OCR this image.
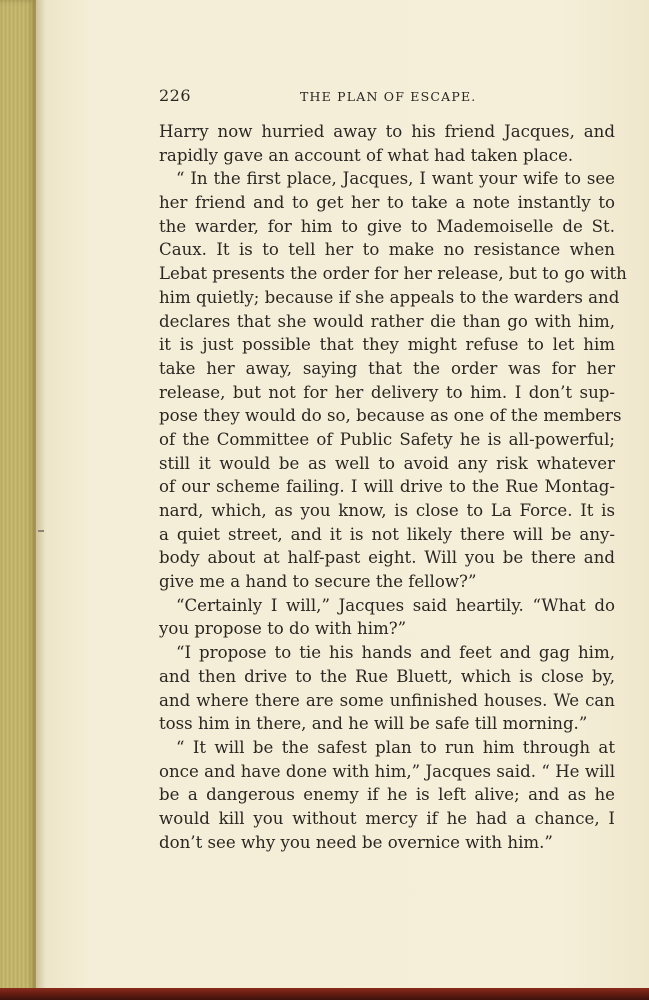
226	THE PLAN OF ESCAPE.
Harry now hurried away to his friend Jacques, and
rapidly gave an account of what had taken place.
“ In the first place, Jacques, I want your wife to see
her friend and to get her to take a note instantly to
the warder, for him to give to Mademoiselle de St.
Caux. It is to tell her to make no resistance when
Lebat presents the order for her release, but to go with
him quietly; because if she appeals to the warders and
declares that she would rather die than go with him,
it is just possible that they might refuse to let him
take her away, saying that the order was for her
release, but not for her delivery to him. I don’t sup-
pose they would do so, because as one of the members
of the Committee of Public Safety he is all-powerful;
still it would be as well to avoid any risk whatever
of our scheme failing. I will drive to the Rue Montag-
nard, which, as you know, is close to La Force. It is
a quiet street, and it is not likely there will be any-
body about at half-past eight. Will you be there and
give me a hand to secure the fellow?”
“Certainly I will,” Jacques said heartily. “What do
you propose to do with him?”
“I propose to tie his hands and feet and gag him,
and then drive to the Rue Bluett, which is close by,
and where there are some unfinished houses. We can
toss him in there, and he will be safe till morning.”
“ It will be the safest plan to run him through at
once and have done with him,” Jacques said. “ He will
be a dangerous enemy if he is left alive; and as he
would kill you without mercy if he had a chance, I
don’t see why you need be overnice with him.”
